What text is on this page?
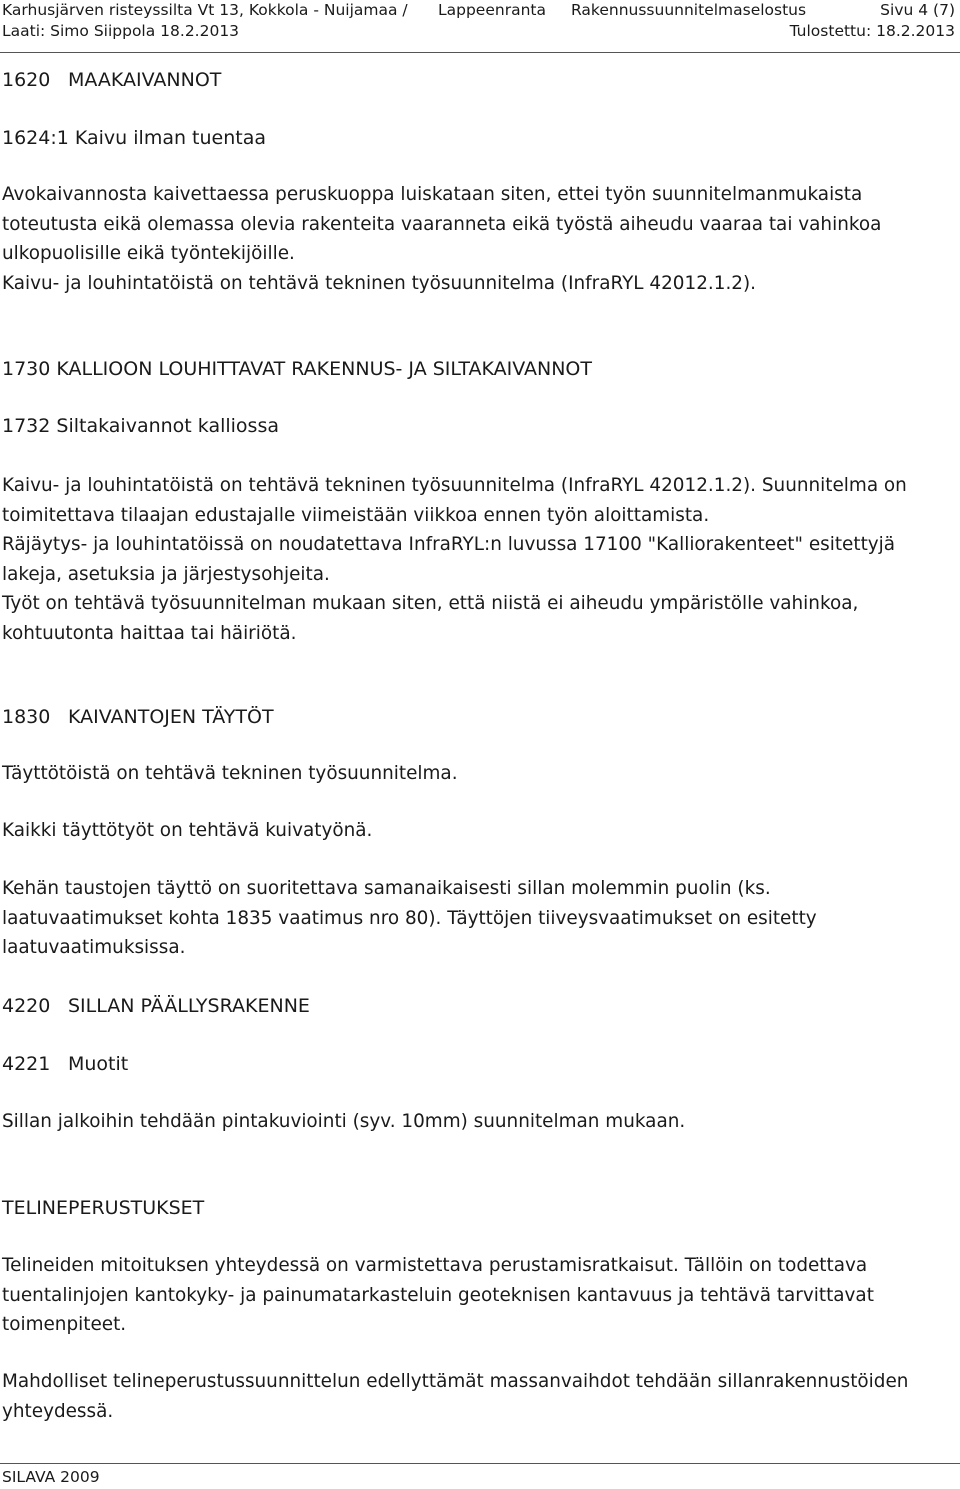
Karhusjärven risteyssilta Vt 13, Kokkola - Nuijamaa / Lappeenranta Rakennussuunnitelmaselostus	Sivu 4 (7)
Laati: Simo Siippola 18.2.2013	Tulostettu: 18.2.2013
1620 MAAKAIVANNOT
1624:1 Kaivu ilman tuentaa
Avokaivannosta kaivettaessa peruskuoppa luiskataan siten, ettei työn suunnitelmanmukaista
toteutusta eikä olemassa olevia rakenteita vaaranneta eikä työstä aiheudu vaaraa tai vahinkoa
ulkopuolisille eikä työntekijöille.
Kaivu- ja louhintatöistä on tehtävä tekninen työsuunnitelma (InfraRYL 42012.1.2).
1730 KALLIOON LOUHITTAVAT RAKENNUS- JA SILTAKAIVANNOT
1732 Siltakaivannot kalliossa
Kaivu- ja louhintatöistä on tehtävä tekninen työsuunnitelma (InfraRYL 42012.1.2). Suunnitelma on
toimitettava tilaajan edustajalle viimeistään viikkoa ennen työn aloittamista.
Räjäytys- ja louhintatöissä on noudatettava InfraRYL:n luvussa 17100 "Kalliorakenteet" esitettyjä
lakeja, asetuksia ja järjestysohjeita.
Työt on tehtävä työsuunnitelman mukaan siten, että niistä ei aiheudu ympäristölle vahinkoa,
kohtuutonta haittaa tai häiriötä.
1830 KAIVANTOJEN TÄYTÖT
Täyttötöistä on tehtävä tekninen työsuunnitelma.
Kaikki täyttötyöt on tehtävä kuivatyönä.
Kehän taustojen täyttö on suoritettava samanaikaisesti sillan molemmin puolin (ks.
laatuvaatimukset kohta 1835 vaatimus nro 80). Täyttöjen tiiveysvaatimukset on esitetty
laatuvaatimuksissa.
4220 SILLAN PÄÄLLYSRAKENNE
4221 Muotit
Sillan jalkoihin tehdään pintakuviointi (syv. 10mm) suunnitelman mukaan.
TELINEPERUSTUKSET
Telineiden mitoituksen yhteydessä on varmistettava perustamisratkaisut. Tällöin on todettava
tuentalinjojen kantokyky- ja painumatarkasteluin geoteknisen kantavuus ja tehtävä tarvittavat
toimenpiteet.
Mahdolliset telineperustussuunnittelun edellyttämät massanvaihdot tehdään sillanrakennustöiden
yhteydessä.
SILAVA 2009
